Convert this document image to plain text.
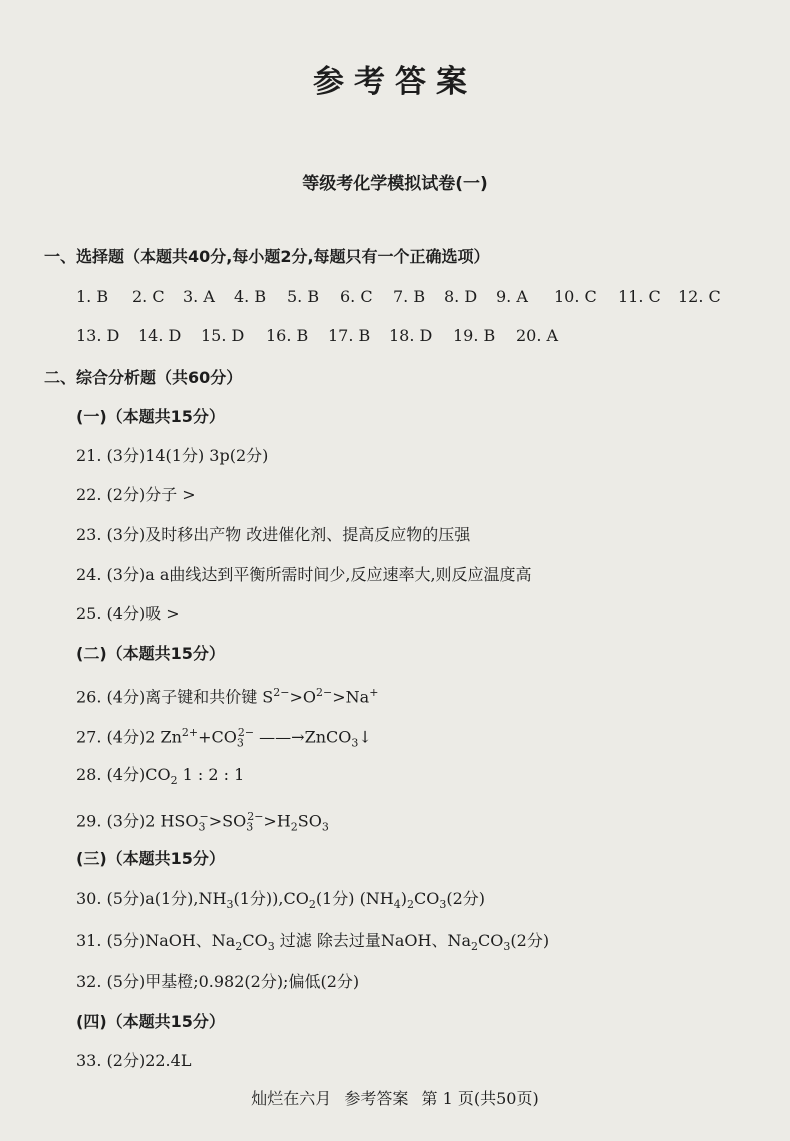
参考答案
等级考化学模拟试卷(一)
一、选择题（本题共40分,每小题2分,每题只有一个正确选项）
1. B 2. C 3. A 4. B 5. B 6. C 7. B 8. D 9. A 10. C 11. C 12. C
13. D 14. D 15. D 16. B 17. B 18. D 19. B 20. A
二、综合分析题（共60分）
(一)（本题共15分）
21. (3分)14(1分) 3p(2分)
22. (2分)分子 >
23. (3分)及时移出产物 改进催化剂、提高反应物的压强
24. (3分)a a曲线达到平衡所需时间少,反应速率大,则反应温度高
25. (4分)吸 >
(二)（本题共15分）
26. (4分)离子键和共价键 $S^{2-}>O^{2-}>Na^+$
27. (4分)2 $Zn^{2+}+CO_3^{2-}$ ——→ZnCO$_3$↓
28. (4分)$CO_2$ 1 : 2 : 1
29. (3分)2 $HSO_3^->SO_3^{2-}>H_2SO_3$
(三)（本题共15分）
30. (5分)a(1分)$,NH_3(1$分))$,CO_2(1$分) $(NH_4)_2CO_3(2$分)
31. (5分)NaOH、$Na_2CO_3$ 过滤 除去过量NaOH、$Na_2CO_3(2$分)
32. (5分)甲基橙;0.982(2分);偏低(2分)
(四)（本题共15分）
33. (2分)22.4L
灿烂在六月 参考答案 第 1 页(共50页)
